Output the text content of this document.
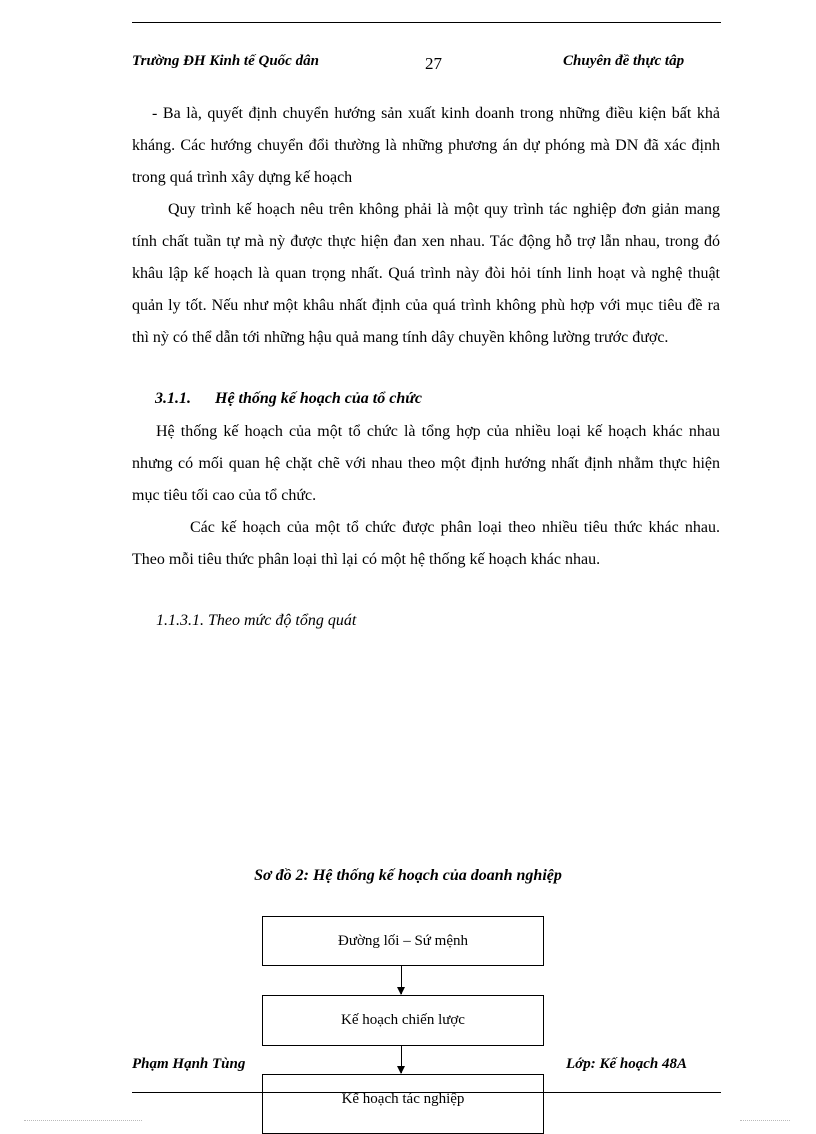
Trường ĐH Kinh tế Quốc dân	27	Chuyên đề thực tâp

- Ba là, quyết định chuyển hướng sản xuất kinh doanh trong những điều kiện bất khả kháng. Các hướng chuyển đổi thường là những phương án dự phóng mà DN đã xác định trong quá trình xây dựng kế hoạch

Quy trình kế hoạch nêu trên không phải là một quy trình tác nghiệp đơn giản mang tính chất tuần tự mà nỳ được thực hiện đan xen nhau. Tác động hỗ trợ lẫn nhau, trong đó khâu lập kế hoạch là quan trọng nhất. Quá trình này đòi hỏi tính linh hoạt và nghệ thuật quản ly tốt. Nếu như một khâu nhất định của quá trình không phù hợp với mục tiêu đề ra thì nỳ có thể dẫn tới những hậu quả mang tính dây chuyền không lường trước được.

3.1.1. Hệ thống kế hoạch của tổ chức

Hệ thống kế hoạch của một tổ chức là tổng hợp của nhiều loại kế hoạch khác nhau nhưng có mối quan hệ chặt chẽ với nhau theo một định hướng nhất định nhằm thực hiện mục tiêu tối cao của tổ chức.

Các kế hoạch của một tổ chức được phân loại theo nhiều tiêu thức khác nhau. Theo mỗi tiêu thức phân loại thì lại có một hệ thống kế hoạch khác nhau.

1.1.3.1. Theo mức độ tổng quát
Sơ đồ 2: Hệ thống kế hoạch của doanh nghiệp
Đường lối – Sứ mệnh
Kế hoạch chiến lược
Kế hoạch tác nghiệp
Phạm Hạnh Tùng	Lớp: Kế hoạch 48A
